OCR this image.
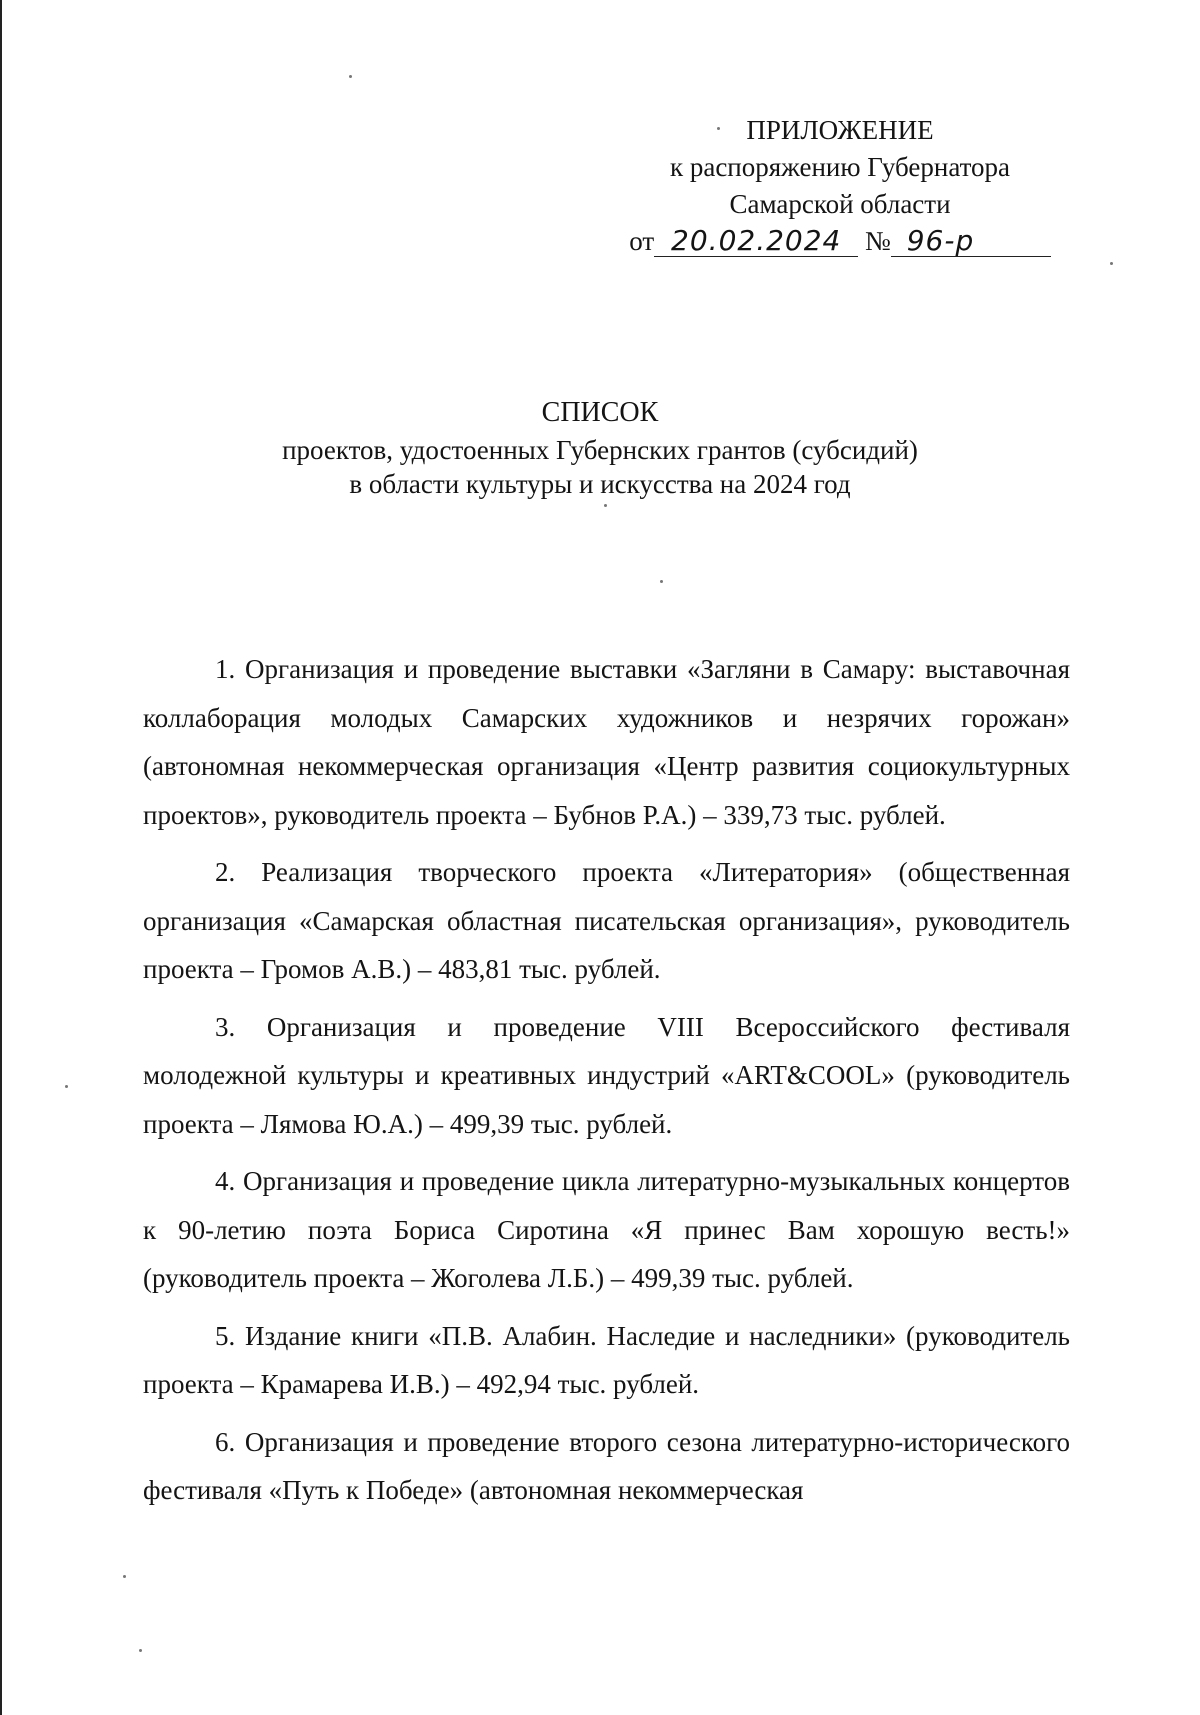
ПРИЛОЖЕНИЕ
к распоряжению Губернатора
Самарской области
от 20.02.2024 № 96-р
СПИСОК
проектов, удостоенных Губернских грантов (субсидий)
в области культуры и искусства на 2024 год

1. Организация и проведение выставки «Загляни в Самару: выставочная коллаборация молодых Самарских художников и незрячих горожан» (автономная некоммерческая организация «Центр развития социокультурных проектов», руководитель проекта – Бубнов Р.А.) – 339,73 тыс. рублей.

2. Реализация творческого проекта «Литератория» (общественная организация «Самарская областная писательская организация», руководитель проекта – Громов А.В.) – 483,81 тыс. рублей.

3. Организация и проведение VIII Всероссийского фестиваля молодежной культуры и креативных индустрий «ART&COOL» (руководитель проекта – Лямова Ю.А.) – 499,39 тыс. рублей.

4. Организация и проведение цикла литературно-музыкальных концертов к 90-летию поэта Бориса Сиротина «Я принес Вам хорошую весть!» (руководитель проекта – Жоголева Л.Б.) – 499,39 тыс. рублей.

5. Издание книги «П.В. Алабин. Наследие и наследники» (руководитель проекта – Крамарева И.В.) – 492,94 тыс. рублей.

6. Организация и проведение второго сезона литературно-исторического фестиваля «Путь к Победе» (автономная некоммерческая
